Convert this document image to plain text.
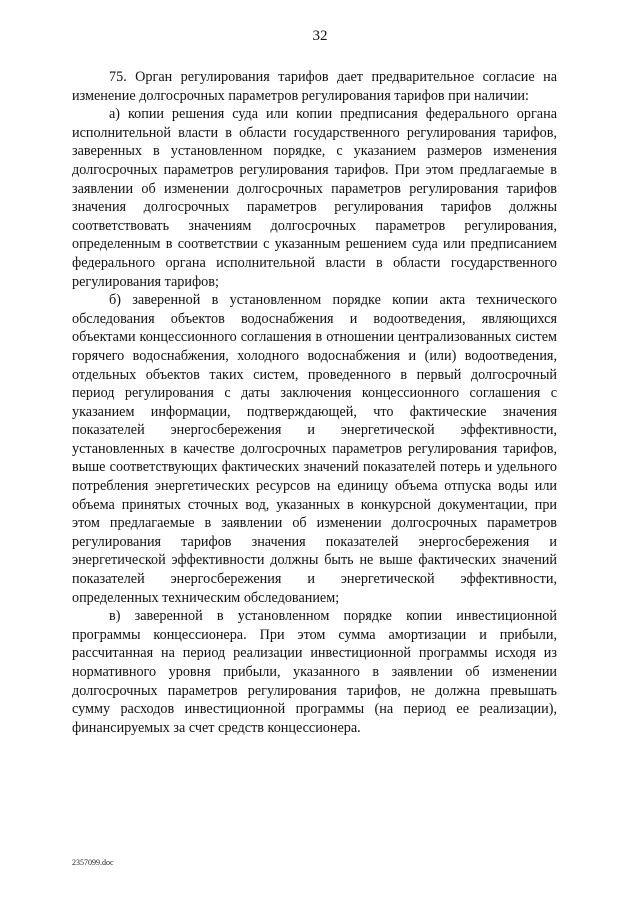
32

75. Орган регулирования тарифов дает предварительное согласие на изменение долгосрочных параметров регулирования тарифов при наличии:

а) копии решения суда или копии предписания федерального органа исполнительной власти в области государственного регулирования тарифов, заверенных в установленном порядке, с указанием размеров изменения долгосрочных параметров регулирования тарифов. При этом предлагаемые в заявлении об изменении долгосрочных параметров регулирования тарифов значения долгосрочных параметров регулирования тарифов должны соответствовать значениям долгосрочных параметров регулирования, определенным в соответствии с указанным решением суда или предписанием федерального органа исполнительной власти в области государственного регулирования тарифов;

б) заверенной в установленном порядке копии акта технического обследования объектов водоснабжения и водоотведения, являющихся объектами концессионного соглашения в отношении централизованных систем горячего водоснабжения, холодного водоснабжения и (или) водоотведения, отдельных объектов таких систем, проведенного в первый долгосрочный период регулирования с даты заключения концессионного соглашения с указанием информации, подтверждающей, что фактические значения показателей энергосбережения и энергетической эффективности, установленных в качестве долгосрочных параметров регулирования тарифов, выше соответствующих фактических значений показателей потерь и удельного потребления энергетических ресурсов на единицу объема отпуска воды или объема принятых сточных вод, указанных в конкурсной документации, при этом предлагаемые в заявлении об изменении долгосрочных параметров регулирования тарифов значения показателей энергосбережения и энергетической эффективности должны быть не выше фактических значений показателей энергосбережения и энергетической эффективности, определенных техническим обследованием;

в) заверенной в установленном порядке копии инвестиционной программы концессионера. При этом сумма амортизации и прибыли, рассчитанная на период реализации инвестиционной программы исходя из нормативного уровня прибыли, указанного в заявлении об изменении долгосрочных параметров регулирования тарифов, не должна превышать сумму расходов инвестиционной программы (на период ее реализации), финансируемых за счет средств концессионера.

2357099.doc
